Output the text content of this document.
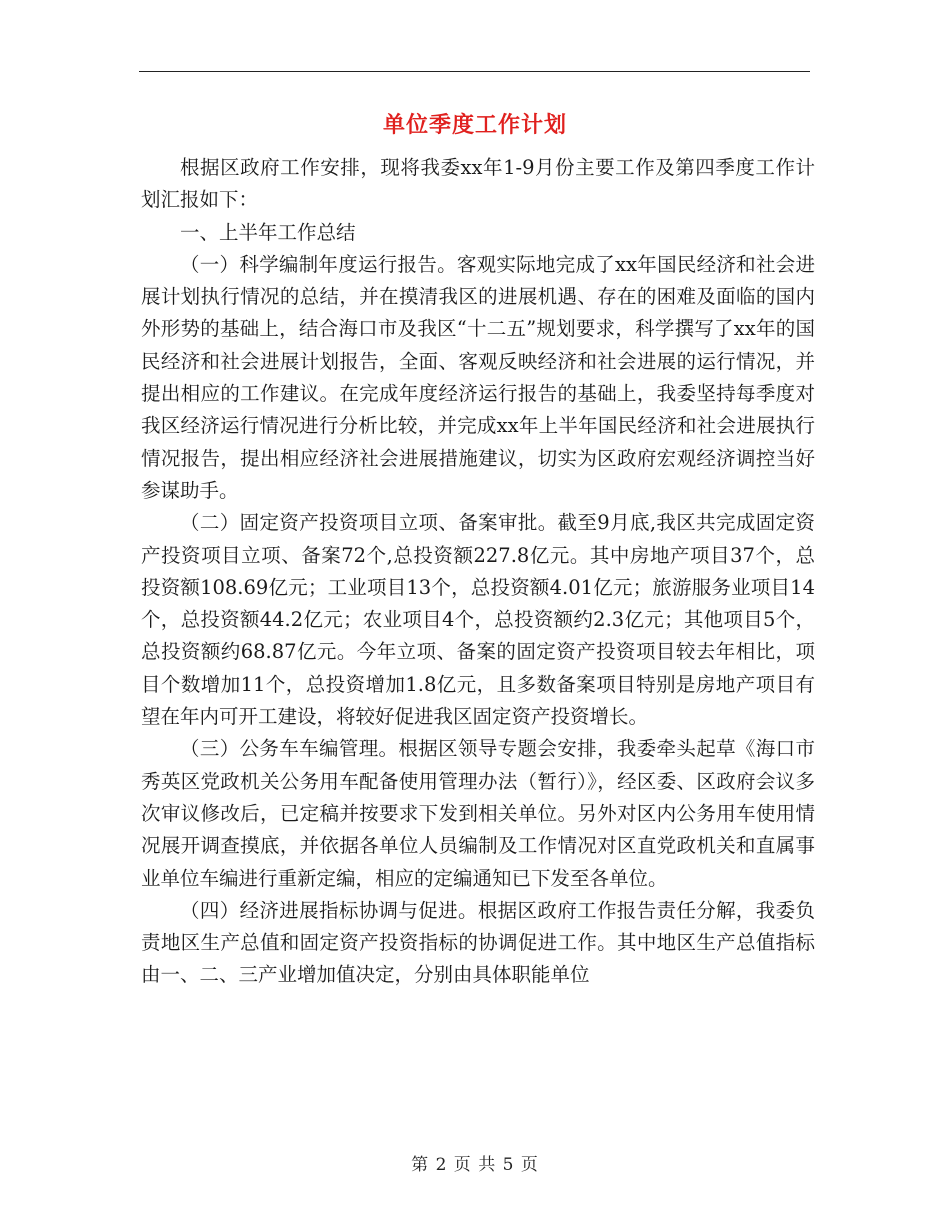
单位季度工作计划

根据区政府工作安排，现将我委xx年1-9月份主要工作及第四季度工作计划汇报如下：

一、上半年工作总结

（一）科学编制年度运行报告。客观实际地完成了xx年国民经济和社会进展计划执行情况的总结，并在摸清我区的进展机遇、存在的困难及面临的国内外形势的基础上，结合海口市及我区“十二五”规划要求，科学撰写了xx年的国民经济和社会进展计划报告，全面、客观反映经济和社会进展的运行情况，并提出相应的工作建议。在完成年度经济运行报告的基础上，我委坚持每季度对我区经济运行情况进行分析比较，并完成xx年上半年国民经济和社会进展执行情况报告，提出相应经济社会进展措施建议，切实为区政府宏观经济调控当好参谋助手。

（二）固定资产投资项目立项、备案审批。截至9月底,我区共完成固定资产投资项目立项、备案72个,总投资额227.8亿元。其中房地产项目37个，总投资额108.69亿元；工业项目13个，总投资额4.01亿元；旅游服务业项目14个，总投资额44.2亿元；农业项目4个，总投资额约2.3亿元；其他项目5个，总投资额约68.87亿元。今年立项、备案的固定资产投资项目较去年相比，项目个数增加11个，总投资增加1.8亿元，且多数备案项目特别是房地产项目有望在年内可开工建设，将较好促进我区固定资产投资增长。

（三）公务车车编管理。根据区领导专题会安排，我委牵头起草《海口市秀英区党政机关公务用车配备使用管理办法（暂行）》，经区委、区政府会议多次审议修改后，已定稿并按要求下发到相关单位。另外对区内公务用车使用情况展开调查摸底，并依据各单位人员编制及工作情况对区直党政机关和直属事业单位车编进行重新定编，相应的定编通知已下发至各单位。

（四）经济进展指标协调与促进。根据区政府工作报告责任分解，我委负责地区生产总值和固定资产投资指标的协调促进工作。其中地区生产总值指标由一、二、三产业增加值决定，分别由具体职能单位

第 2 页 共 5 页
